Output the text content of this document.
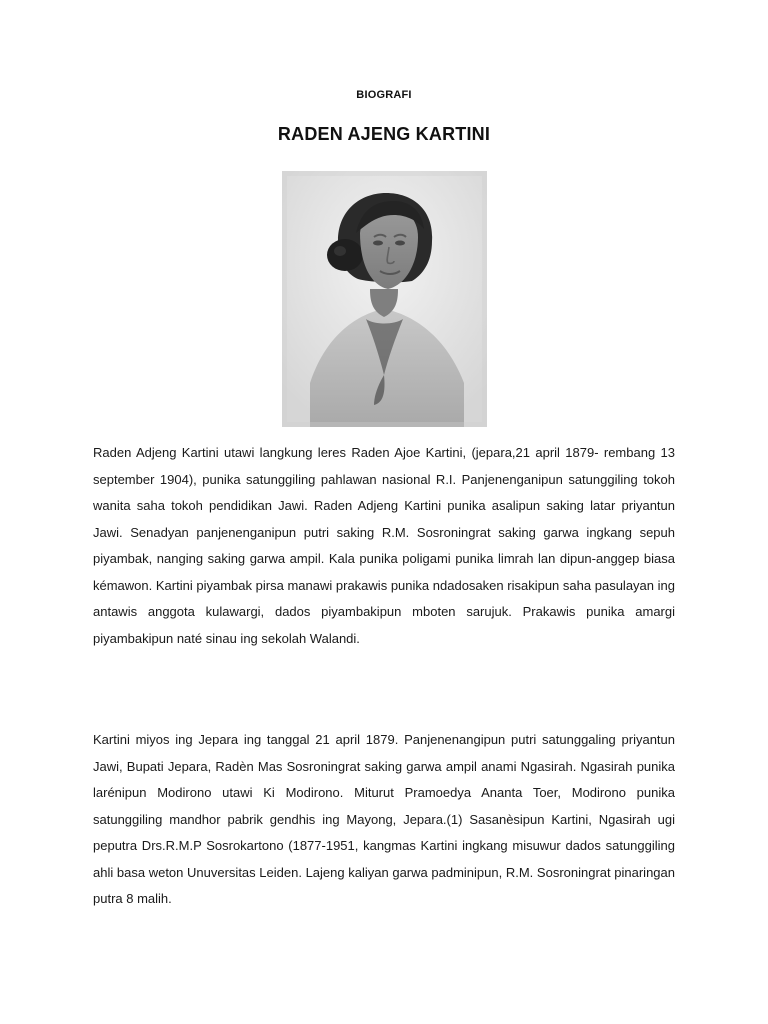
BIOGRAFI
RADEN AJENG KARTINI

Raden Adjeng Kartini utawi langkung leres Raden Ajoe Kartini, (jepara,21 april 1879- rembang 13 september 1904), punika satunggiling pahlawan nasional R.I. Panjenenganipun satunggiling tokoh wanita saha tokoh pendidikan Jawi. Raden Adjeng Kartini punika asalipun saking latar priyantun Jawi. Senadyan panjenenganipun putri saking R.M. Sosroningrat saking garwa ingkang sepuh piyambak, nanging saking garwa ampil. Kala punika poligami punika limrah lan dipun-anggep biasa kémawon. Kartini piyambak pirsa manawi prakawis punika ndadosaken risakipun saha pasulayan ing antawis anggota kulawargi, dados piyambakipun mboten sarujuk. Prakawis punika amargi piyambakipun naté sinau ing sekolah Walandi.

Kartini miyos ing Jepara ing tanggal 21 april 1879. Panjenenangipun putri satunggaling priyantun Jawi, Bupati Jepara, Radèn Mas Sosroningrat saking garwa ampil anami Ngasirah. Ngasirah punika larénipun Modirono utawi Ki Modirono. Miturut Pramoedya Ananta Toer, Modirono punika satunggiling mandhor pabrik gendhis ing Mayong, Jepara.(1) Sasanèsipun Kartini, Ngasirah ugi peputra Drs.R.M.P Sosrokartono (1877-1951, kangmas Kartini ingkang misuwur dados satunggiling ahli basa weton Unuversitas Leiden. Lajeng kaliyan garwa padminipun, R.M. Sosroningrat pinaringan putra 8 malih.
